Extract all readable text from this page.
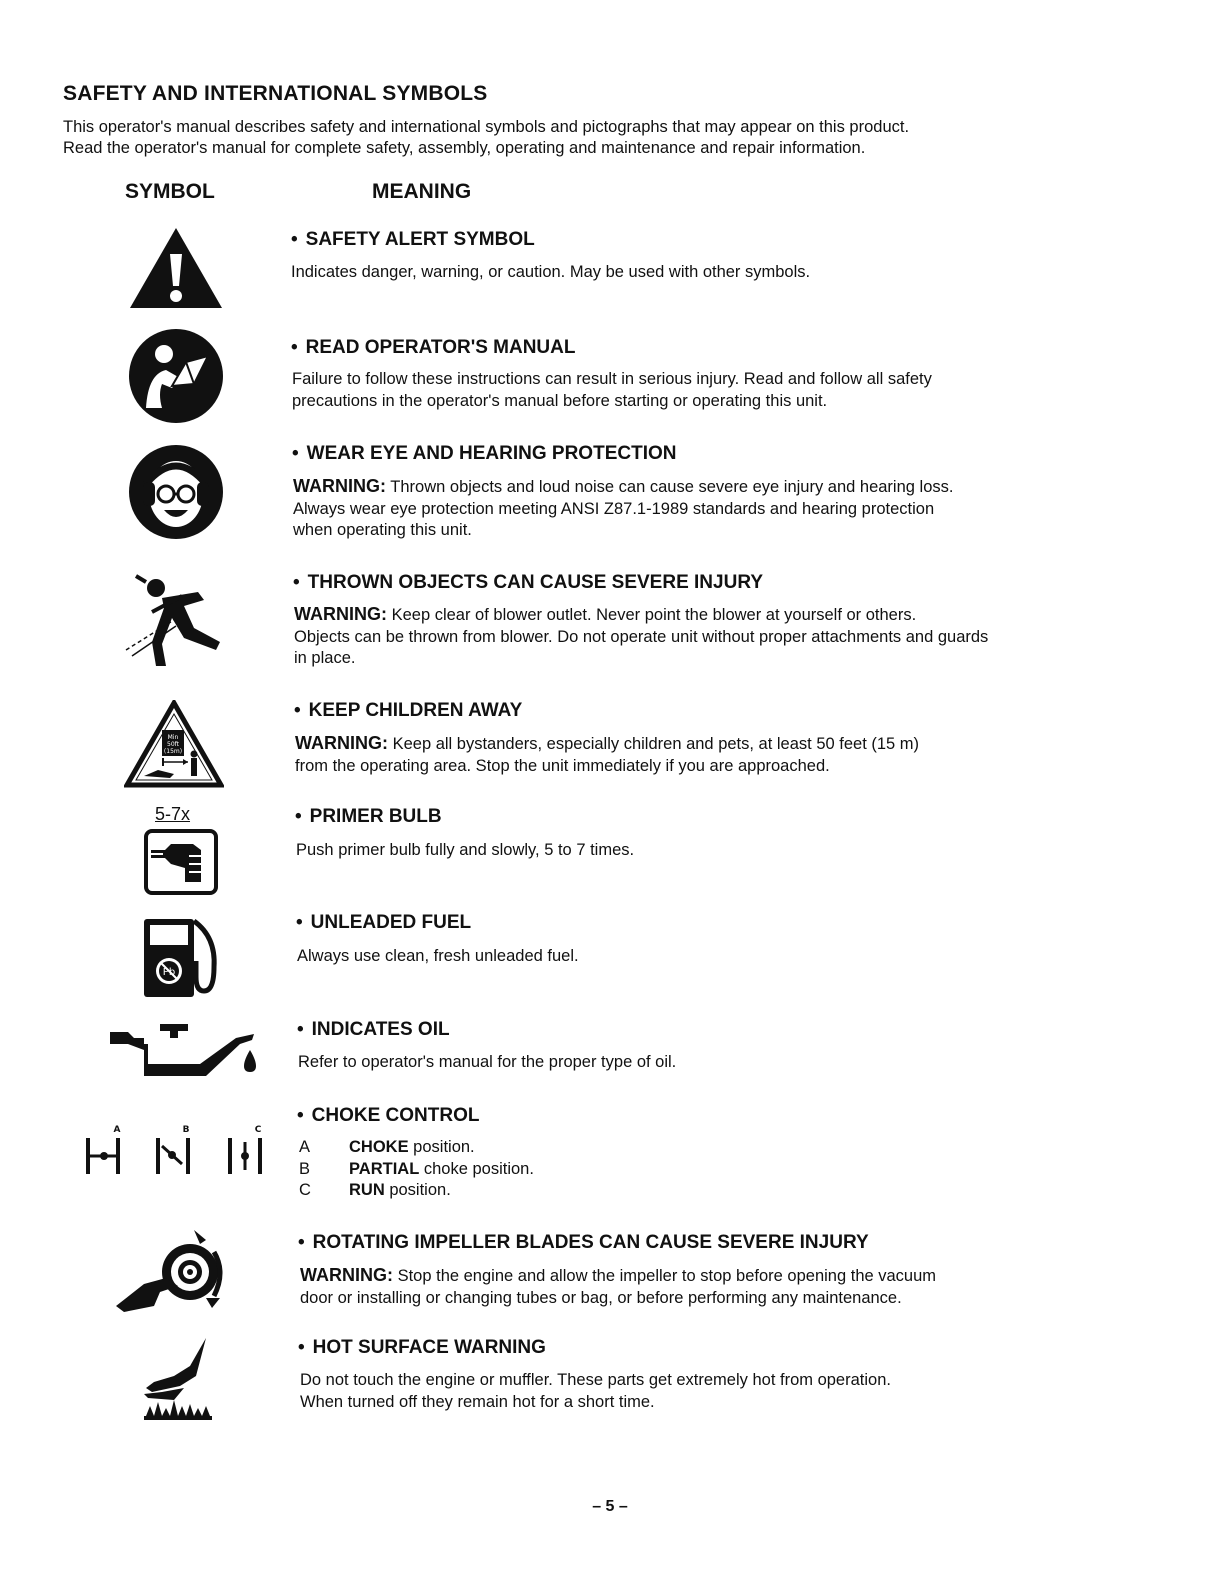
SAFETY AND INTERNATIONAL SYMBOLS
This operator's manual describes safety and international symbols and pictographs that may appear on this product.
Read the operator's manual for complete safety, assembly, operating and maintenance and repair information.
SYMBOL	MEANING
Min
50ft
(15m)
5-7x
Pb
A	B	C
• SAFETY ALERT SYMBOL
Indicates danger, warning, or caution. May be used with other symbols.
• READ OPERATOR'S MANUAL
Failure to follow these instructions can result in serious injury. Read and follow all safety
precautions in the operator's manual before starting or operating this unit.
• WEAR EYE AND HEARING PROTECTION
WARNING: Thrown objects and loud noise can cause severe eye injury and hearing loss.
Always wear eye protection meeting ANSI Z87.1-1989 standards and hearing protection
when operating this unit.
• THROWN OBJECTS CAN CAUSE SEVERE INJURY
WARNING: Keep clear of blower outlet. Never point the blower at yourself or others.
Objects can be thrown from blower. Do not operate unit without proper attachments and guards
in place.
• KEEP CHILDREN AWAY
WARNING: Keep all bystanders, especially children and pets, at least 50 feet (15 m)
from the operating area. Stop the unit immediately if you are approached.
• PRIMER BULB
Push primer bulb fully and slowly, 5 to 7 times.
• UNLEADED FUEL
Always use clean, fresh unleaded fuel.
• INDICATES OIL
Refer to operator's manual for the proper type of oil.
• CHOKE CONTROL
A CHOKE position.
B PARTIAL choke position.
C RUN position.
• ROTATING IMPELLER BLADES CAN CAUSE SEVERE INJURY
WARNING: Stop the engine and allow the impeller to stop before opening the vacuum
door or installing or changing tubes or bag, or before performing any maintenance.
• HOT SURFACE WARNING
Do not touch the engine or muffler. These parts get extremely hot from operation.
When turned off they remain hot for a short time.
– 5 –
